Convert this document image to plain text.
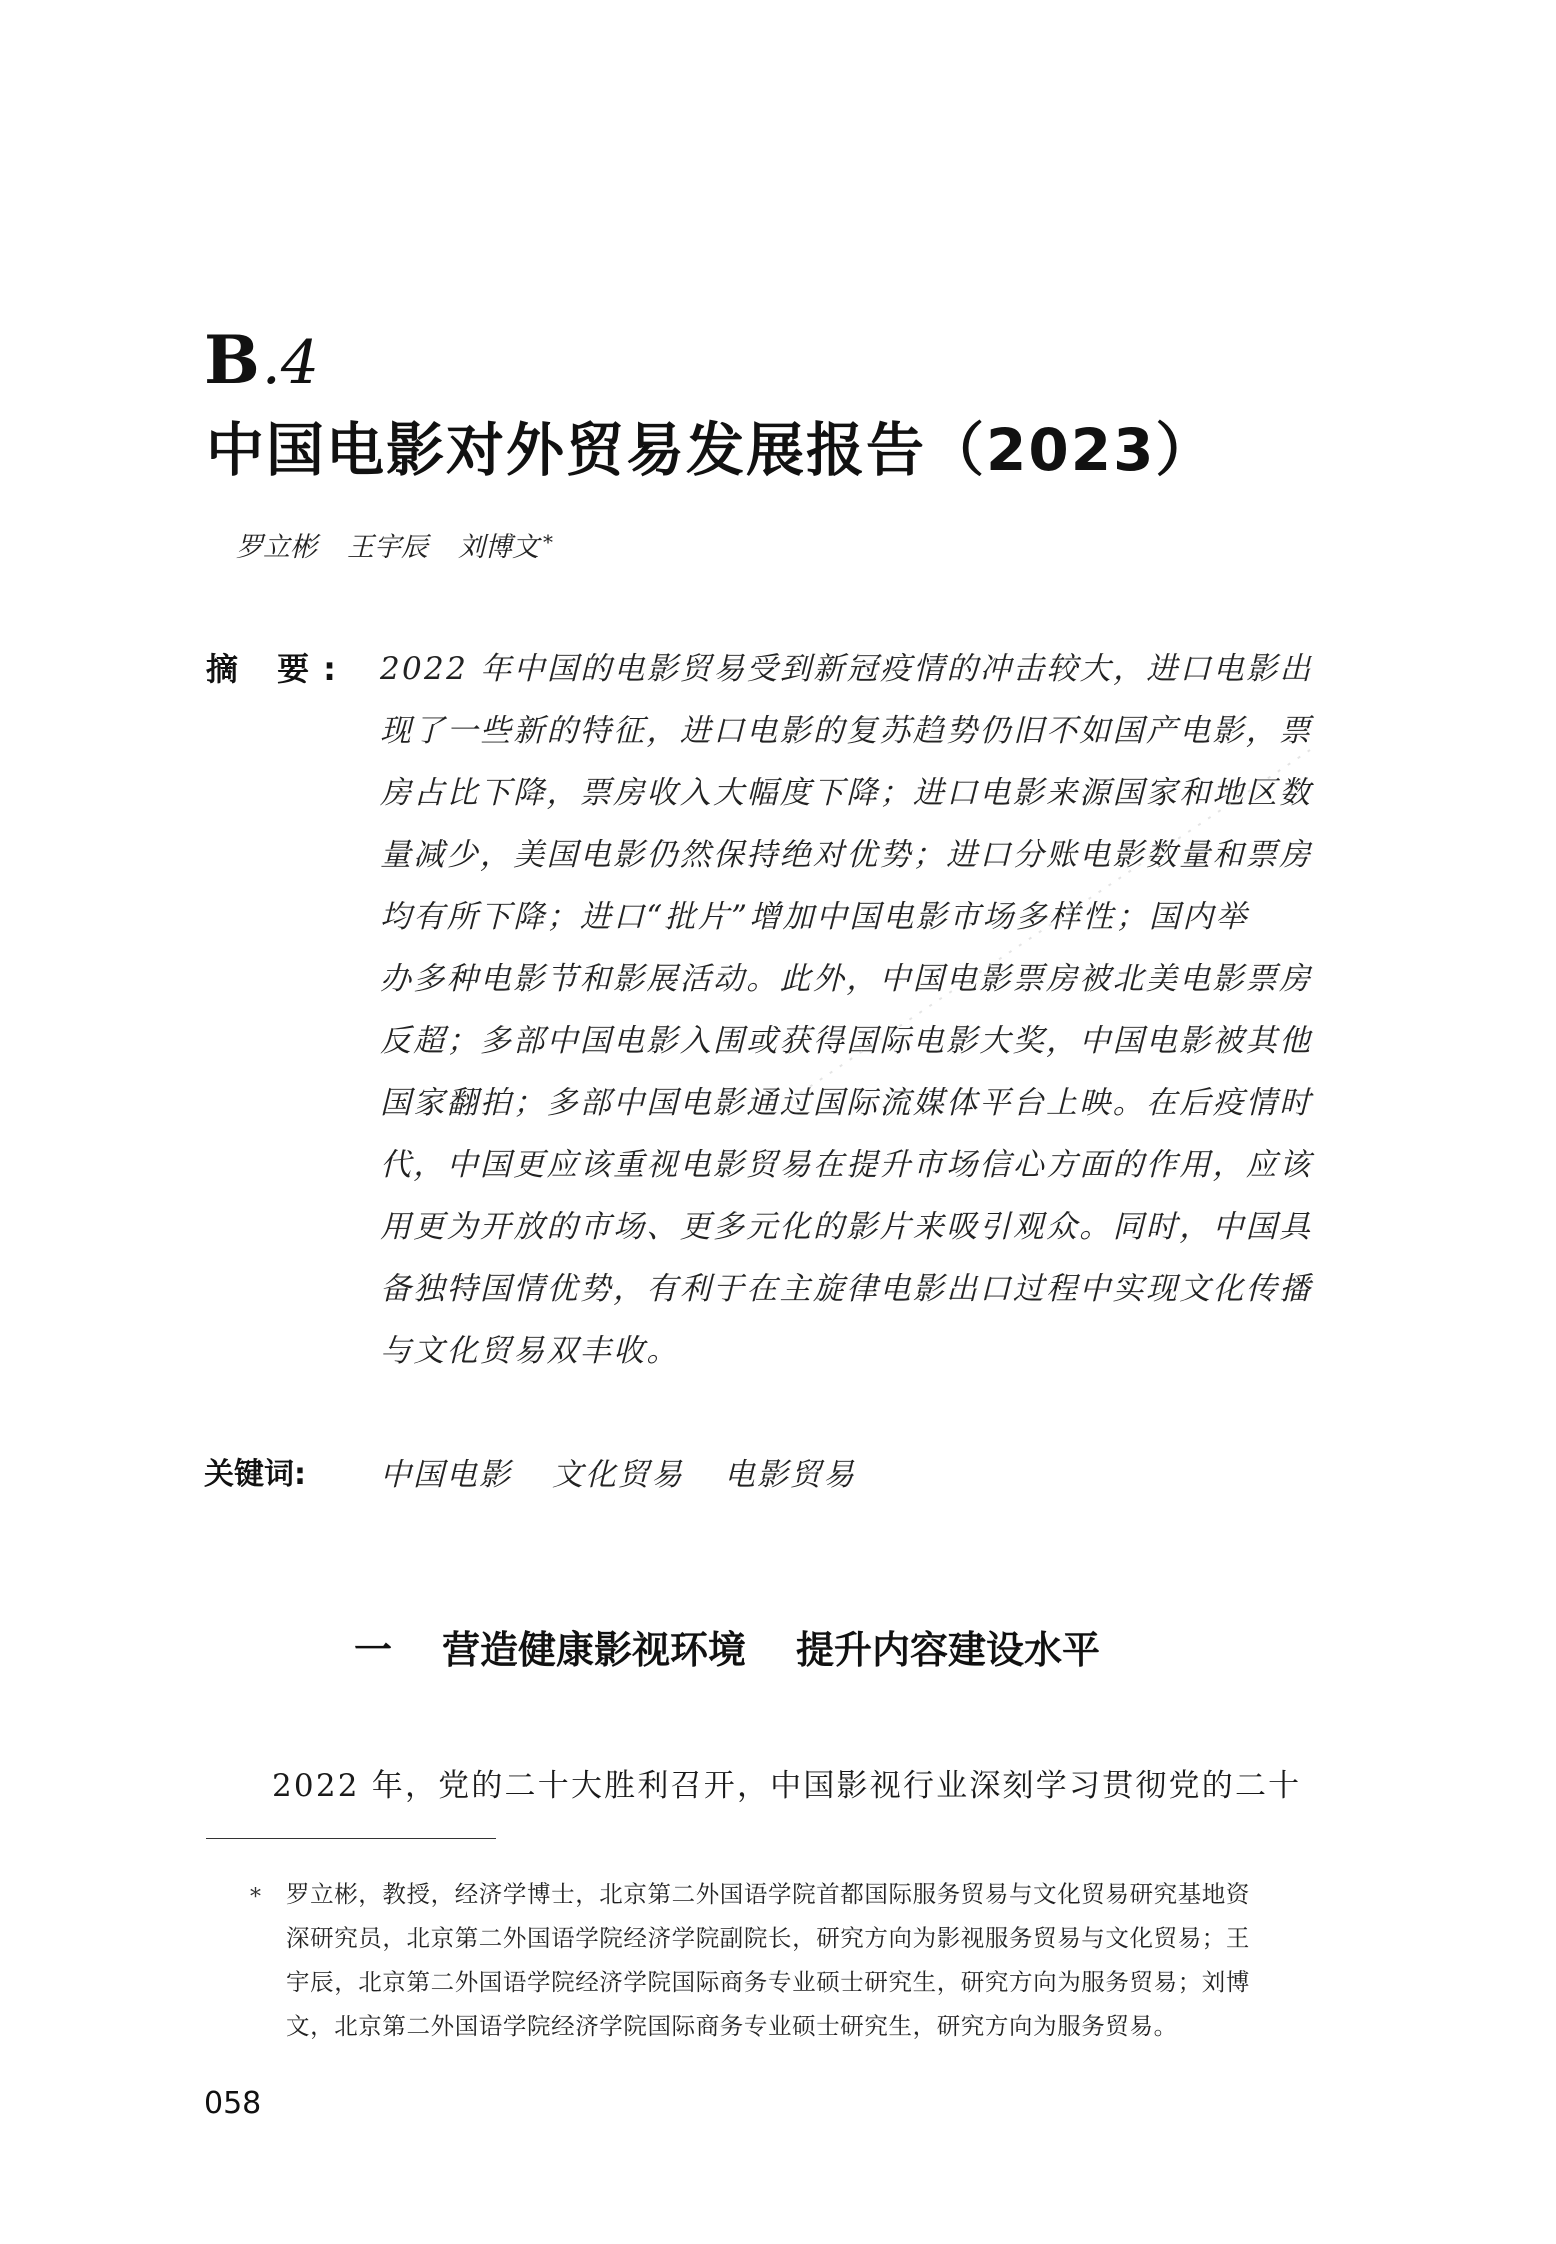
B.4
中国电影对外贸易发展报告（2023）
罗立彬 王宇辰 刘博文 *
摘 要: 2022 年中国的电影贸易受到新冠疫情的冲击较大，进口电影出
现了一些新的特征，进口电影的复苏趋势仍旧不如国产电影，票
房占比下降，票房收入大幅度下降；进口电影来源国家和地区数
量减少，美国电影仍然保持绝对优势；进口分账电影数量和票房
均有所下降；进口“批片”增加中国电影市场多样性；国内举
办多种电影节和影展活动。此外，中国电影票房被北美电影票房
反超；多部中国电影入围或获得国际电影大奖，中国电影被其他
国家翻拍；多部中国电影通过国际流媒体平台上映。在后疫情时
代，中国更应该重视电影贸易在提升市场信心方面的作用，应该
用更为开放的市场、更多元化的影片来吸引观众。同时，中国具
备独特国情优势，有利于在主旋律电影出口过程中实现文化传播
与文化贸易双丰收。
关键词: 中国电影 文化贸易 电影贸易
一 营造健康影视环境 提升内容建设水平
2022 年，党的二十大胜利召开，中国影视行业深刻学习贯彻党的二十
* 罗立彬，教授，经济学博士，北京第二外国语学院首都国际服务贸易与文化贸易研究基地资
深研究员，北京第二外国语学院经济学院副院长，研究方向为影视服务贸易与文化贸易；王
宇辰，北京第二外国语学院经济学院国际商务专业硕士研究生，研究方向为服务贸易；刘博
文，北京第二外国语学院经济学院国际商务专业硕士研究生，研究方向为服务贸易。
058
